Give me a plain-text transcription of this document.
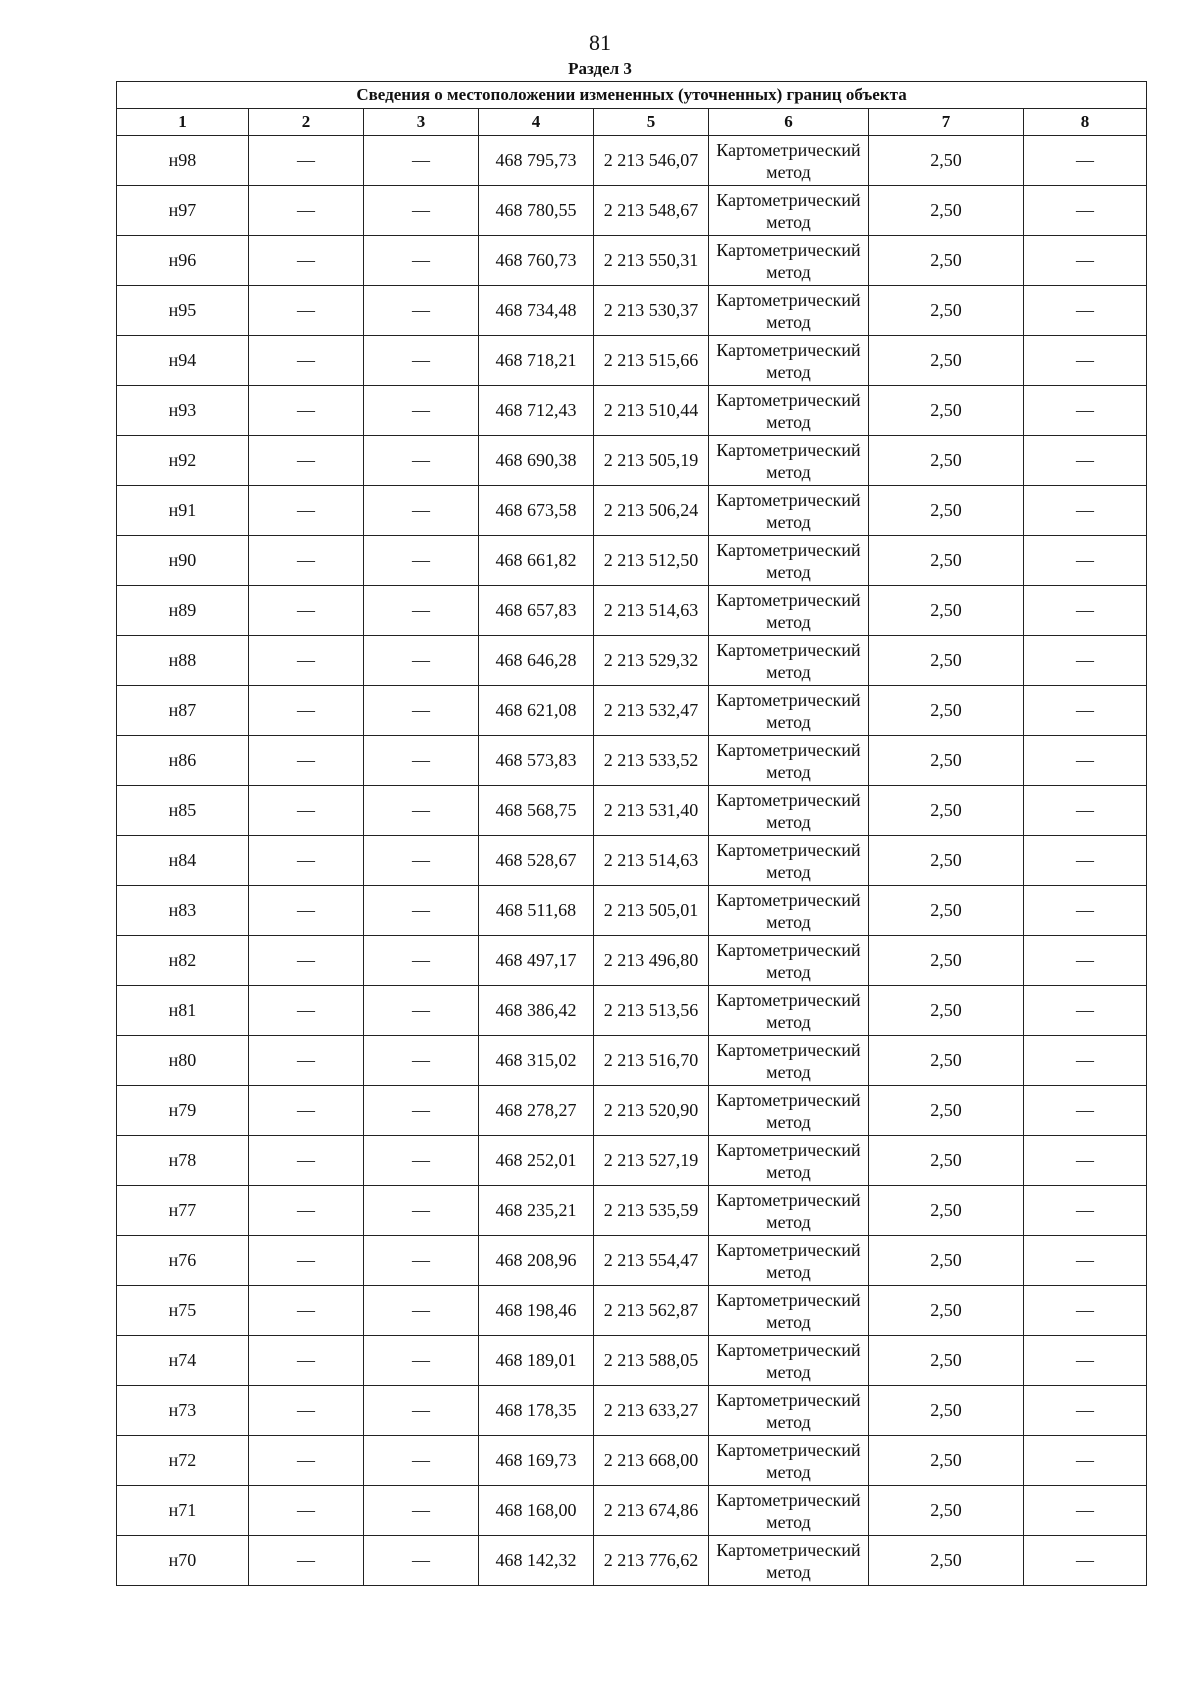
81
Раздел 3
Сведения о местоположении измененных (уточненных) границ объекта							
1	2	3	4	5	6	7	8
н98	—	—	468 795,73	2 213 546,07	Картометрический метод	2,50	—
н97	—	—	468 780,55	2 213 548,67	Картометрический метод	2,50	—
н96	—	—	468 760,73	2 213 550,31	Картометрический метод	2,50	—
н95	—	—	468 734,48	2 213 530,37	Картометрический метод	2,50	—
н94	—	—	468 718,21	2 213 515,66	Картометрический метод	2,50	—
н93	—	—	468 712,43	2 213 510,44	Картометрический метод	2,50	—
н92	—	—	468 690,38	2 213 505,19	Картометрический метод	2,50	—
н91	—	—	468 673,58	2 213 506,24	Картометрический метод	2,50	—
н90	—	—	468 661,82	2 213 512,50	Картометрический метод	2,50	—
н89	—	—	468 657,83	2 213 514,63	Картометрический метод	2,50	—
н88	—	—	468 646,28	2 213 529,32	Картометрический метод	2,50	—
н87	—	—	468 621,08	2 213 532,47	Картометрический метод	2,50	—
н86	—	—	468 573,83	2 213 533,52	Картометрический метод	2,50	—
н85	—	—	468 568,75	2 213 531,40	Картометрический метод	2,50	—
н84	—	—	468 528,67	2 213 514,63	Картометрический метод	2,50	—
н83	—	—	468 511,68	2 213 505,01	Картометрический метод	2,50	—
н82	—	—	468 497,17	2 213 496,80	Картометрический метод	2,50	—
н81	—	—	468 386,42	2 213 513,56	Картометрический метод	2,50	—
н80	—	—	468 315,02	2 213 516,70	Картометрический метод	2,50	—
н79	—	—	468 278,27	2 213 520,90	Картометрический метод	2,50	—
н78	—	—	468 252,01	2 213 527,19	Картометрический метод	2,50	—
н77	—	—	468 235,21	2 213 535,59	Картометрический метод	2,50	—
н76	—	—	468 208,96	2 213 554,47	Картометрический метод	2,50	—
н75	—	—	468 198,46	2 213 562,87	Картометрический метод	2,50	—
н74	—	—	468 189,01	2 213 588,05	Картометрический метод	2,50	—
н73	—	—	468 178,35	2 213 633,27	Картометрический метод	2,50	—
н72	—	—	468 169,73	2 213 668,00	Картометрический метод	2,50	—
н71	—	—	468 168,00	2 213 674,86	Картометрический метод	2,50	—
н70	—	—	468 142,32	2 213 776,62	Картометрический метод	2,50	—
